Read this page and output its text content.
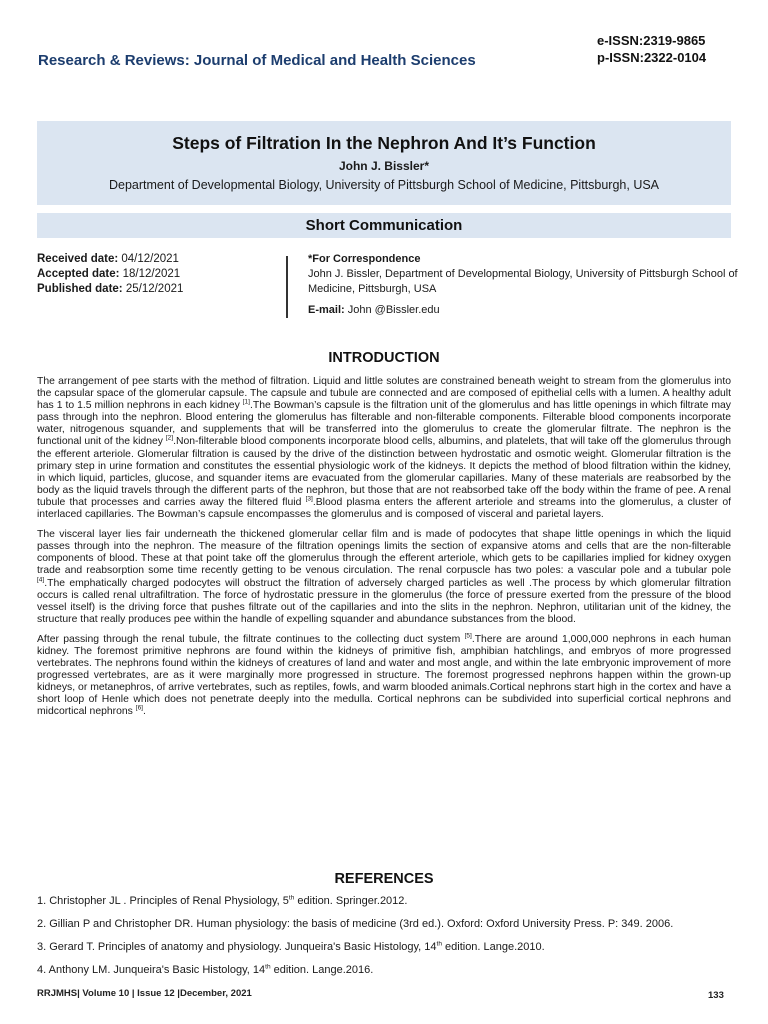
Research & Reviews: Journal of Medical and Health Sciences
e-ISSN:2319-9865
p-ISSN:2322-0104
Steps of Filtration In the Nephron And It’s Function
John J. Bissler*
Department of Developmental Biology, University of Pittsburgh School of Medicine, Pittsburgh, USA
Short Communication
Received date: 04/12/2021
Accepted date: 18/12/2021
Published date: 25/12/2021
*For Correspondence
John J. Bissler, Department of Developmental Biology, University of Pittsburgh School of Medicine, Pittsburgh, USA
E-mail: John @Bissler.edu
INTRODUCTION

The arrangement of pee starts with the method of filtration. Liquid and little solutes are constrained beneath weight to stream from the glomerulus into the capsular space of the glomerular capsule. The capsule and tubule are connected and are composed of epithelial cells with a lumen. A healthy adult has 1 to 1.5 million nephrons in each kidney [1].The Bowman’s capsule is the filtration unit of the glomerulus and has little openings in which filtrate may pass through into the nephron. Blood entering the glomerulus has filterable and non-filterable components. Filterable blood components incorporate water, nitrogenous squander, and supplements that will be transferred into the glomerulus to create the glomerular filtrate. The nephron is the functional unit of the kidney [2].Non-filterable blood components incorporate blood cells, albumins, and platelets, that will take off the glomerulus through the efferent arteriole. Glomerular filtration is caused by the drive of the distinction between hydrostatic and osmotic weight. Glomerular filtration is the primary step in urine formation and constitutes the essential physiologic work of the kidneys. It depicts the method of blood filtration within the kidney, in which liquid, particles, glucose, and squander items are evacuated from the glomerular capillaries. Many of these materials are reabsorbed by the body as the liquid travels through the different parts of the nephron, but those that are not reabsorbed take off the body within the frame of pee. A renal tubule that processes and carries away the filtered fluid [3].Blood plasma enters the afferent arteriole and streams into the glomerulus, a cluster of interlaced capillaries. The Bowman’s capsule encompasses the glomerulus and is composed of visceral and parietal layers.

The visceral layer lies fair underneath the thickened glomerular cellar film and is made of podocytes that shape little openings in which the liquid passes through into the nephron. The measure of the filtration openings limits the section of expansive atoms and cells that are the non-filterable components of blood. These at that point take off the glomerulus through the efferent arteriole, which gets to be capillaries implied for kidney oxygen trade and reabsorption some time recently getting to be venous circulation. The renal corpuscle has two poles: a vascular pole and a tubular pole [4].The emphatically charged podocytes will obstruct the filtration of adversely charged particles as well .The process by which glomerular filtration occurs is called renal ultrafiltration. The force of hydrostatic pressure in the glomerulus (the force of pressure exerted from the pressure of the blood vessel itself) is the driving force that pushes filtrate out of the capillaries and into the slits in the nephron. Nephron, utilitarian unit of the kidney, the structure that really produces pee within the handle of expelling squander and abundance substances from the blood.

After passing through the renal tubule, the filtrate continues to the collecting duct system [5].There are around 1,000,000 nephrons in each human kidney. The foremost primitive nephrons are found within the kidneys of primitive fish, amphibian hatchlings, and embryos of more progressed vertebrates. The nephrons found within the kidneys of creatures of land and water and most angle, and within the late embryonic improvement of more progressed vertebrates, are as it were marginally more progressed in structure. The foremost progressed nephrons happen within the grown-up kidneys, or metanephros, of arrive vertebrates, such as reptiles, fowls, and warm blooded animals.Cortical nephrons start high in the cortex and have a short loop of Henle which does not penetrate deeply into the medulla. Cortical nephrons can be subdivided into superficial cortical nephrons and midcortical nephrons [6].

REFERENCES
1. Christopher JL . Principles of Renal Physiology, 5th edition. Springer.2012.
2. Gillian P and Christopher DR. Human physiology: the basis of medicine (3rd ed.). Oxford: Oxford University Press. P: 349. 2006.
3. Gerard T. Principles of anatomy and physiology. Junqueira's Basic Histology, 14th edition. Lange.2010.
4. Anthony LM. Junqueira's Basic Histology, 14th edition. Lange.2016.
RRJMHS| Volume 10 | Issue 12 |December, 2021	133
